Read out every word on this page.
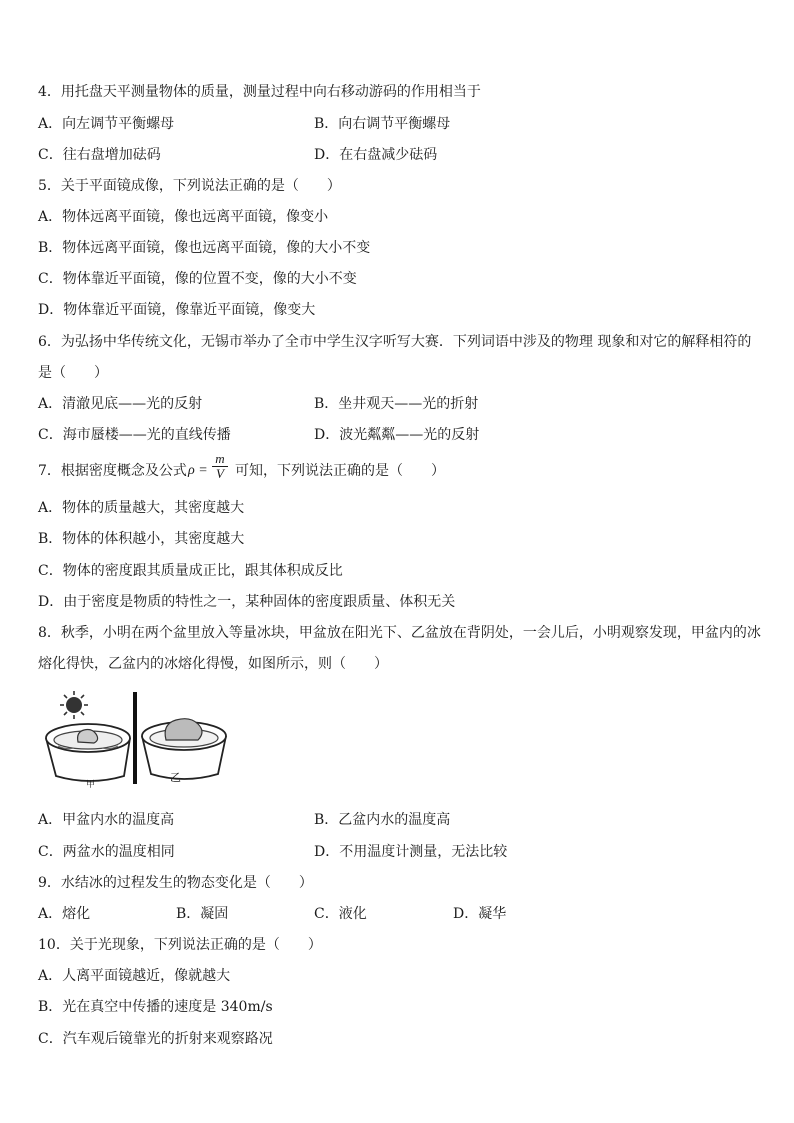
4．用托盘天平测量物体的质量，测量过程中向右移动游码的作用相当于
A．向左调节平衡螺母	B．向右调节平衡螺母
C．往右盘增加砝码	D．在右盘减少砝码
5．关于平面镜成像，下列说法正确的是（　　）
A．物体远离平面镜，像也远离平面镜，像变小
B．物体远离平面镜，像也远离平面镜，像的大小不变
C．物体靠近平面镜，像的位置不变，像的大小不变
D．物体靠近平面镜，像靠近平面镜，像变大
6．为弘扬中华传统文化，无锡市举办了全市中学生汉字听写大赛．下列词语中涉及的物理 现象和对它的解释相符的
是（　　）
A．清澈见底——光的反射	B．坐井观天——光的折射
C．海市蜃楼——光的直线传播	D．波光粼粼——光的反射
7．根据密度概念及公式 $\rho = \frac{m}{V}$ 可知，下列说法正确的是（　　）
A．物体的质量越大，其密度越大
B．物体的体积越小，其密度越大
C．物体的密度跟其质量成正比，跟其体积成反比
D．由于密度是物质的特性之一，某种固体的密度跟质量、体积无关
8．秋季，小明在两个盆里放入等量冰块，甲盆放在阳光下、乙盆放在背阴处，一会儿后，小明观察发现，甲盆内的冰
熔化得快，乙盆内的冰熔化得慢，如图所示，则（　　）
甲
乙
A．甲盆内水的温度高	B．乙盆内水的温度高
C．两盆水的温度相同	D．不用温度计测量，无法比较
9．水结冰的过程发生的物态变化是（　　）
A．熔化	B．凝固	C．液化	D．凝华
10．关于光现象，下列说法正确的是（　　）
A．人离平面镜越近，像就越大
B．光在真空中传播的速度是 340m/s
C．汽车观后镜靠光的折射来观察路况
